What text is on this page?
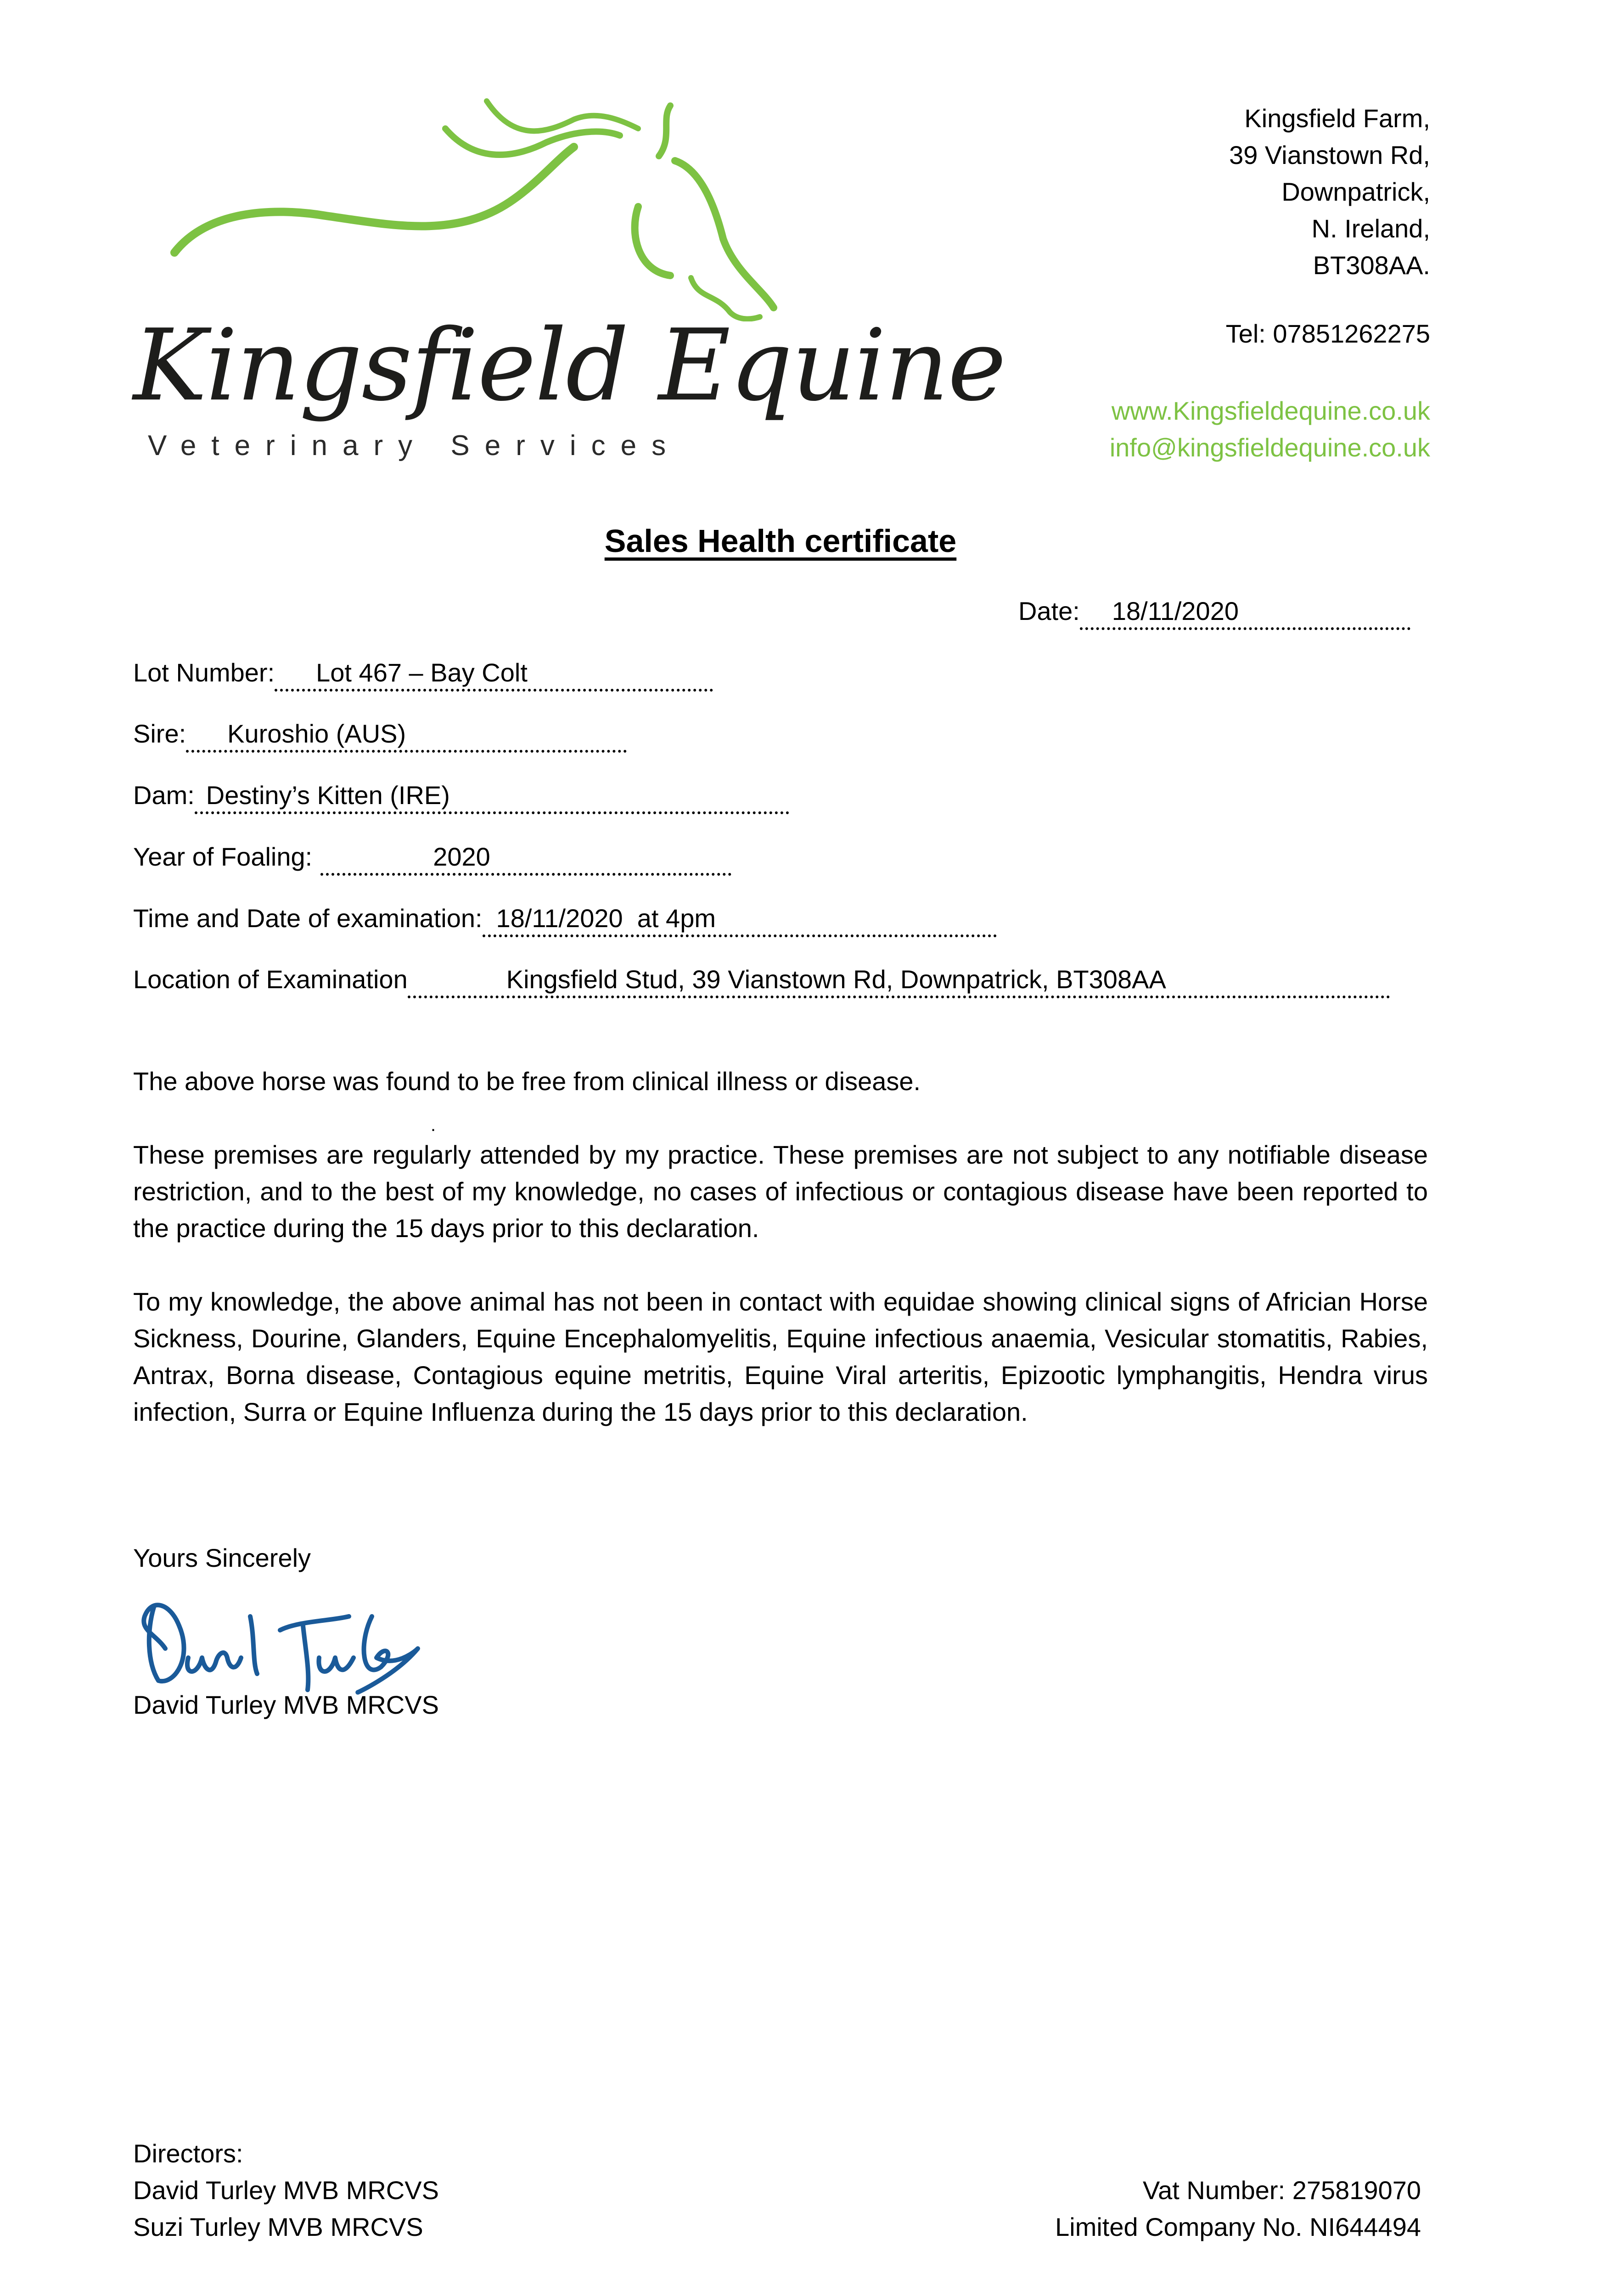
Kingsfield Equine
Veterinary Services
Kingsfield Farm,
39 Vianstown Rd,
Downpatrick,
N. Ireland,
BT308AA.
Tel: 07851262275
www.Kingsfieldequine.co.uk
info@kingsfieldequine.co.uk
Sales Health certificate
Date: 18/11/2020
Lot Number: Lot 467 – Bay Colt
Sire: Kuroshio (AUS)
Dam: Destiny’s Kitten (IRE)
Year of Foaling:	2020
Time and Date of examination: 18/11/2020  at 4pm
Location of Examination	Kingsfield Stud, 39 Vianstown Rd, Downpatrick, BT308AA
The above horse was found to be free from clinical illness or disease.
.
These premises are regularly attended by my practice. These premises are not subject to any notifiable disease restriction, and to the best of my knowledge, no cases of infectious or contagious disease have been reported to the practice during the 15 days prior to this declaration.
To my knowledge, the above animal has not been in contact with equidae showing clinical signs of Africian Horse Sickness, Dourine, Glanders, Equine Encephalomyelitis, Equine infectious anaemia, Vesicular stomatitis, Rabies, Antrax, Borna disease, Contagious equine metritis, Equine Viral arteritis, Epizootic lymphangitis, Hendra virus infection, Surra or Equine Influenza during the 15 days prior to this declaration.
Yours Sincerely
David Turley MVB MRCVS
Directors:
David Turley MVB MRCVS
Suzi Turley MVB MRCVS
Vat Number: 275819070
Limited Company No. NI644494
